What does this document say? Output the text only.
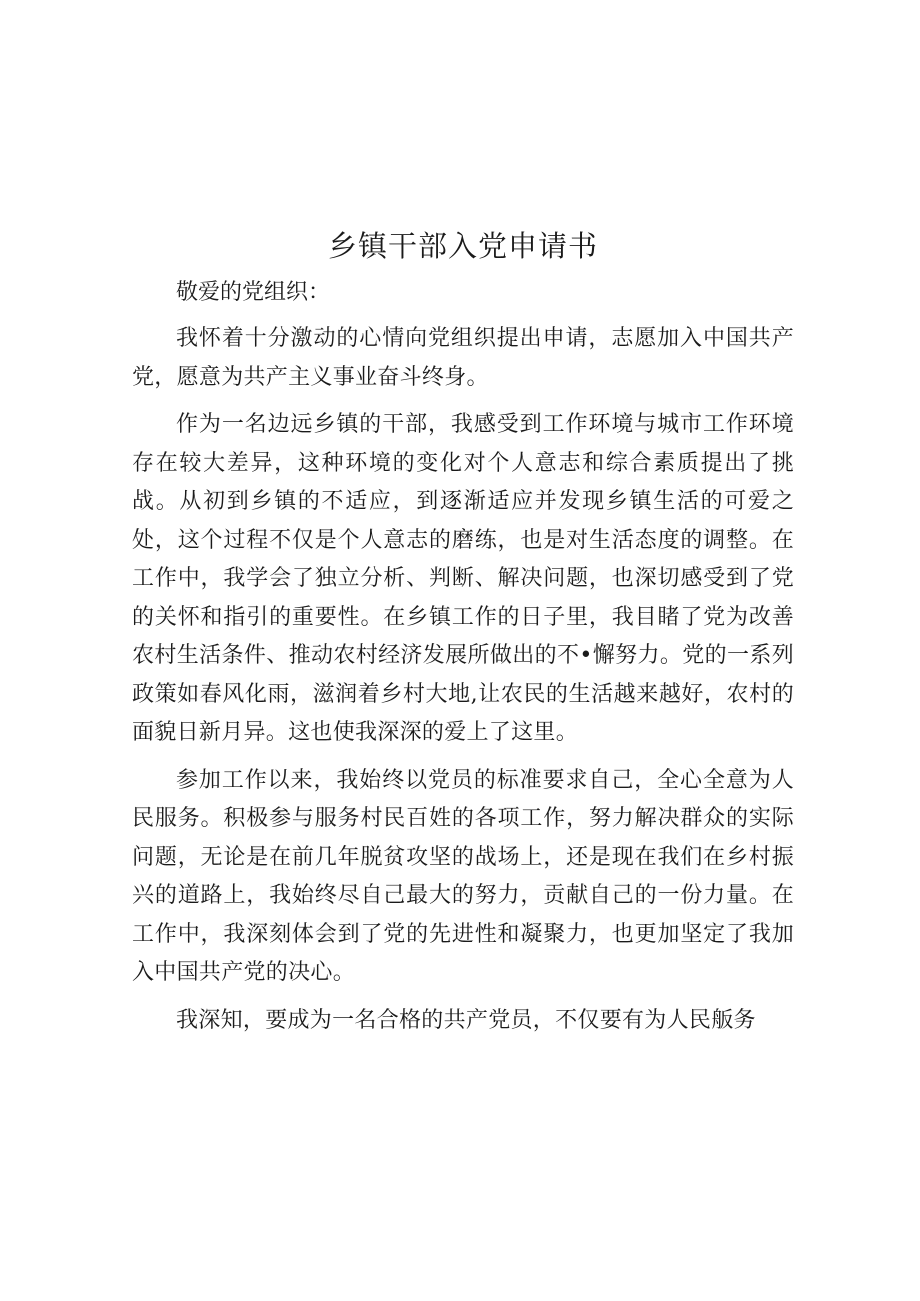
乡镇干部入党申请书

敬爱的党组织：

我怀着十分激动的心情向党组织提出申请，志愿加入中国共产党，愿意为共产主义事业奋斗终身。

作为一名边远乡镇的干部，我感受到工作环境与城市工作环境存在较大差异，这种环境的变化对个人意志和综合素质提出了挑战。从初到乡镇的不适应，到逐渐适应并发现乡镇生活的可爱之处，这个过程不仅是个人意志的磨练，也是对生活态度的调整。在工作中，我学会了独立分析、判断、解决问题，也深切感受到了党的关怀和指引的重要性。在乡镇工作的日子里，我目睹了党为改善农村生活条件、推动农村经济发展所做出的不•懈努力。党的一系列政策如春风化雨，滋润着乡村大地,让农民的生活越来越好，农村的面貌日新月异。这也使我深深的爱上了这里。

参加工作以来，我始终以党员的标准要求自己，全心全意为人民服务。积极参与服务村民百姓的各项工作，努力解决群众的实际问题，无论是在前几年脱贫攻坚的战场上，还是现在我们在乡村振兴的道路上，我始终尽自己最大的努力，贡献自己的一份力量。在工作中，我深刻体会到了党的先进性和凝聚力，也更加坚定了我加入中国共产党的决心。

我深知，要成为一名合格的共产党员，不仅要有为人民舨务
